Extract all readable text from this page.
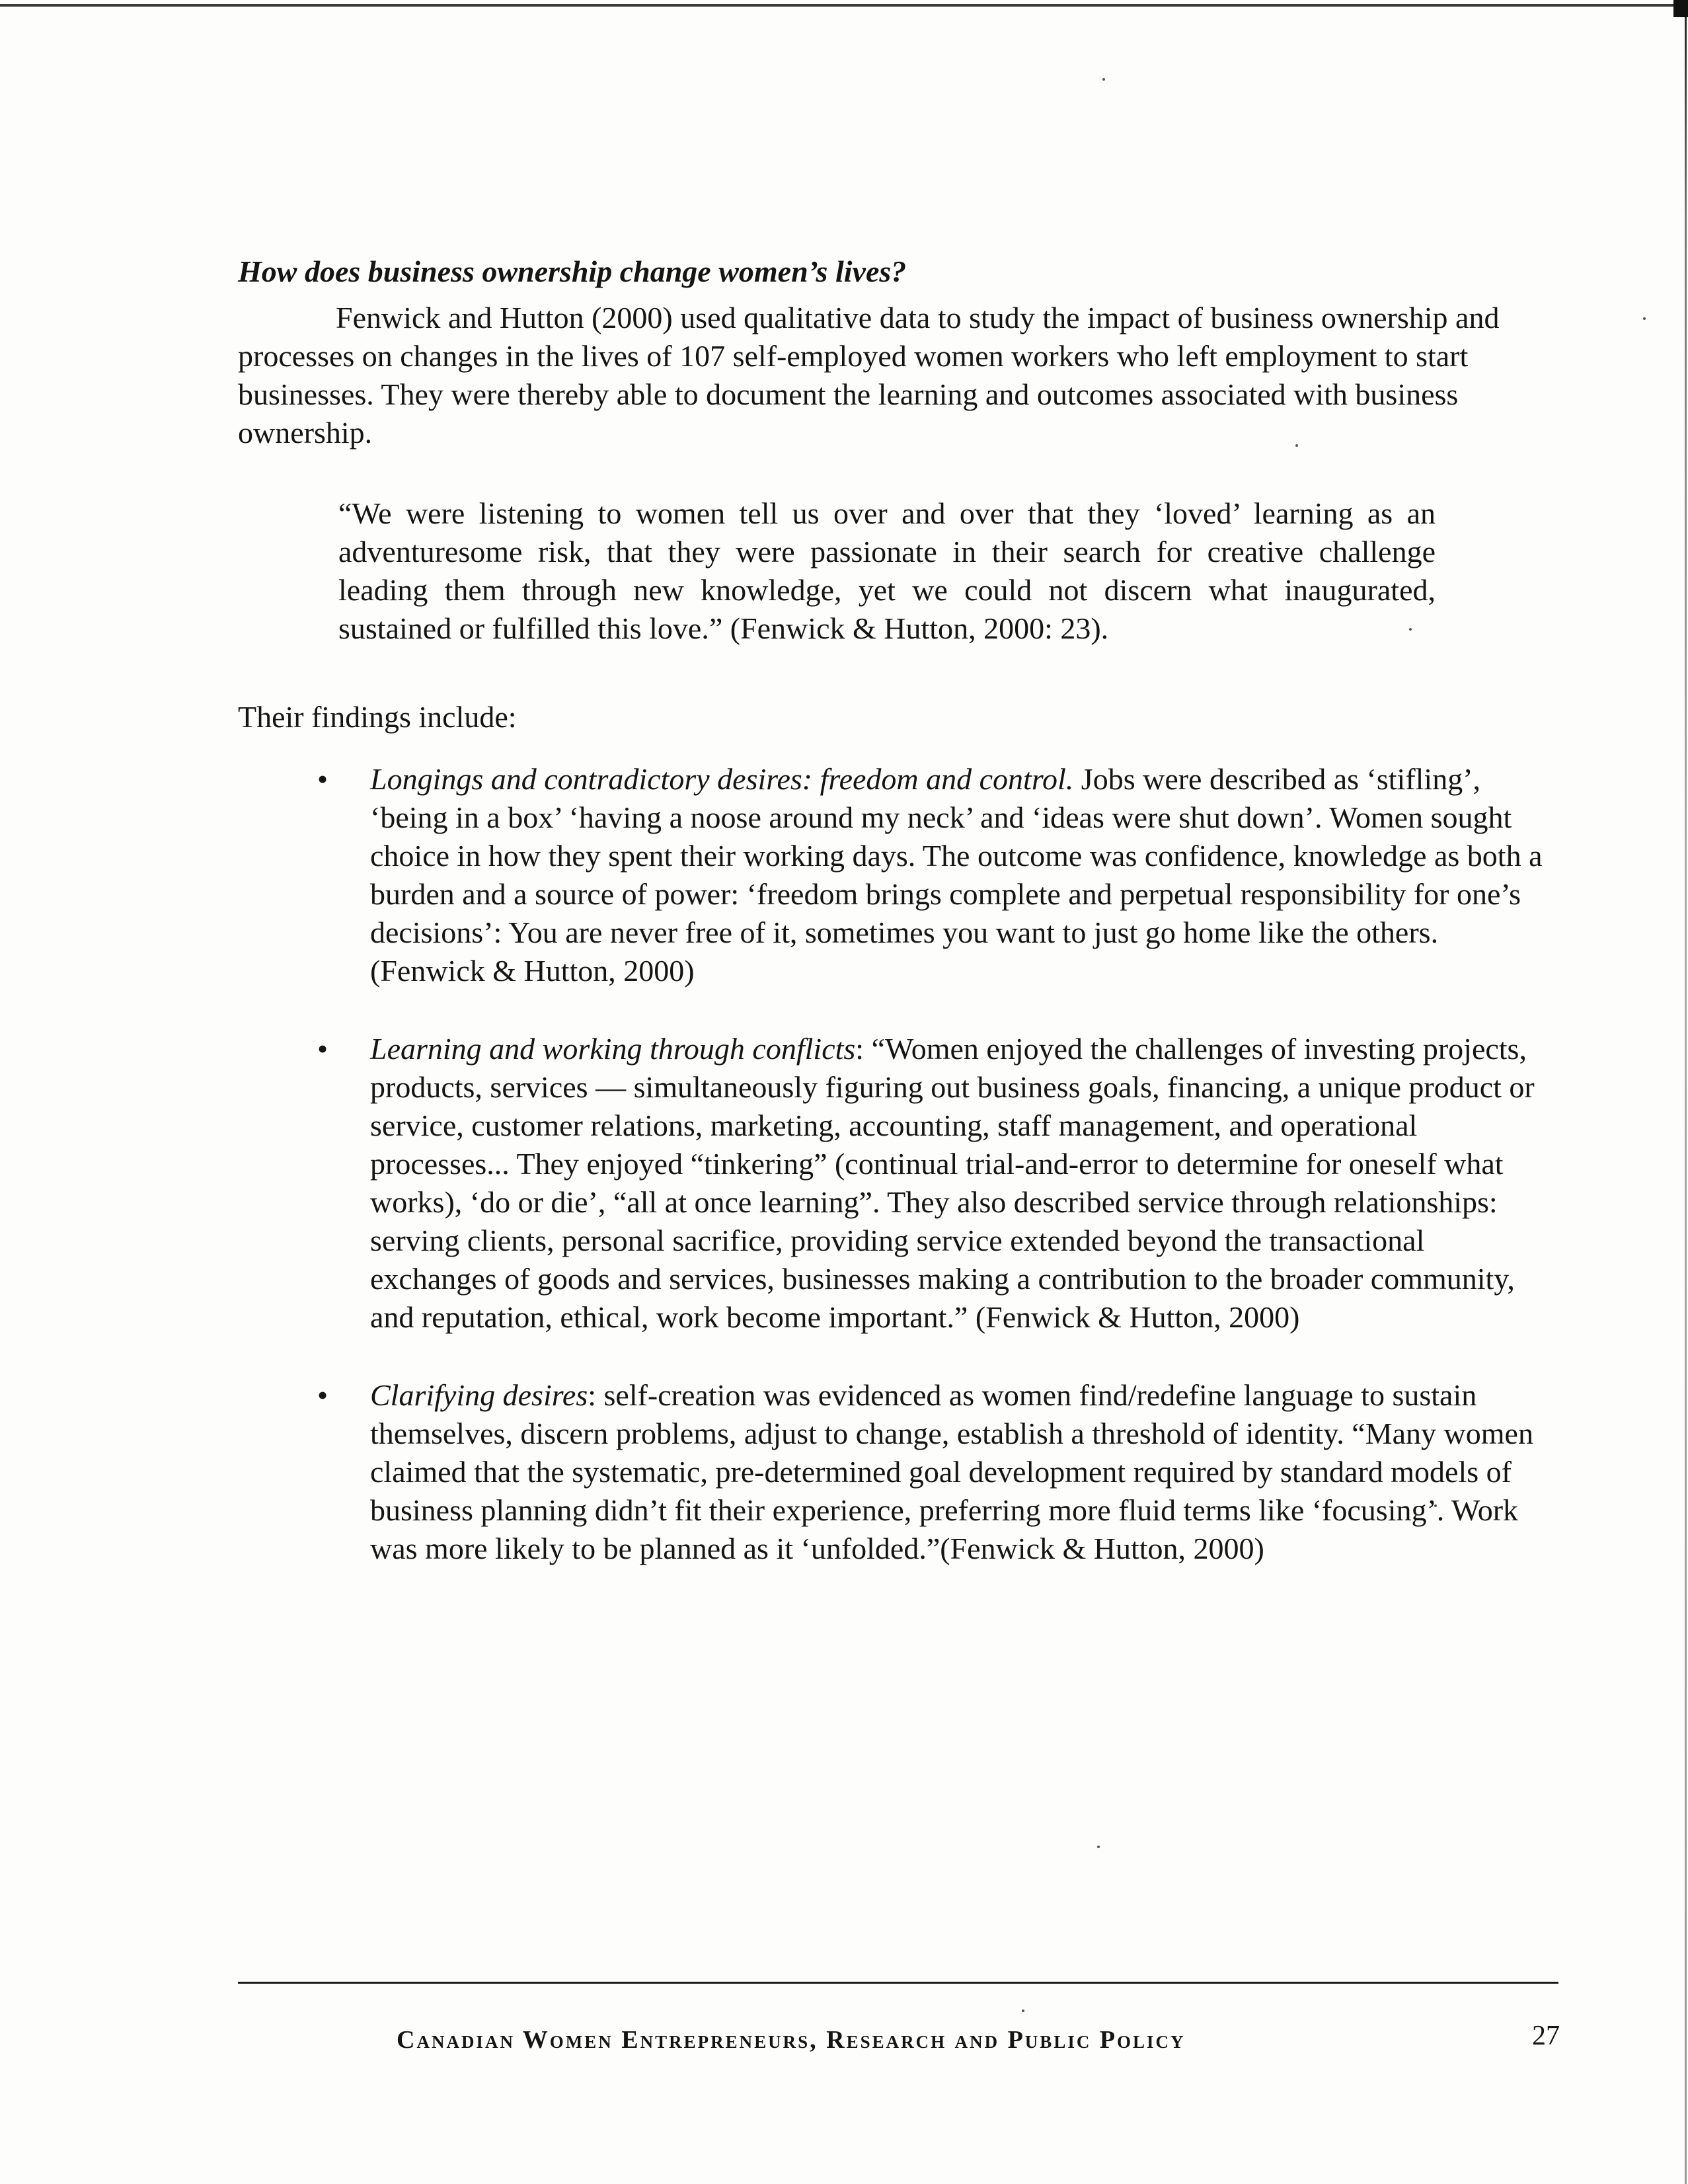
How does business ownership change women’s lives?

Fenwick and Hutton (2000) used qualitative data to study the impact of business ownership and processes on changes in the lives of 107 self-employed women workers who left employment to start businesses. They were thereby able to document the learning and outcomes associated with business ownership.

“We were listening to women tell us over and over that they ‘loved’ learning as an adventuresome risk, that they were passionate in their search for creative challenge leading them through new knowledge, yet we could not discern what inaugurated, sustained or fulfilled this love.” (Fenwick & Hutton, 2000: 23).

Their findings include:

• Longings and contradictory desires: freedom and control. Jobs were described as ‘stifling’, ‘being in a box’ ‘having a noose around my neck’ and ‘ideas were shut down’. Women sought choice in how they spent their working days. The outcome was confidence, knowledge as both a burden and a source of power: ‘freedom brings complete and perpetual responsibility for one’s decisions’: You are never free of it, sometimes you want to just go home like the others. (Fenwick & Hutton, 2000)
• Learning and working through conflicts: “Women enjoyed the challenges of investing projects, products, services — simultaneously figuring out business goals, financing, a unique product or service, customer relations, marketing, accounting, staff management, and operational processes... They enjoyed “tinkering” (continual trial-and-error to determine for oneself what works), ‘do or die’, “all at once learning”. They also described service through relationships: serving clients, personal sacrifice, providing service extended beyond the transactional exchanges of goods and services, businesses making a contribution to the broader community, and reputation, ethical, work become important.” (Fenwick & Hutton, 2000)
• Clarifying desires: self-creation was evidenced as women find/redefine language to sustain themselves, discern problems, adjust to change, establish a threshold of identity. “Many women claimed that the systematic, pre-determined goal development required by standard models of business planning didn’t fit their experience, preferring more fluid terms like ‘focusing’. Work was more likely to be planned as it ‘unfolded.”(Fenwick & Hutton, 2000)
Canadian Women Entrepreneurs, Research and Public Policy	27
